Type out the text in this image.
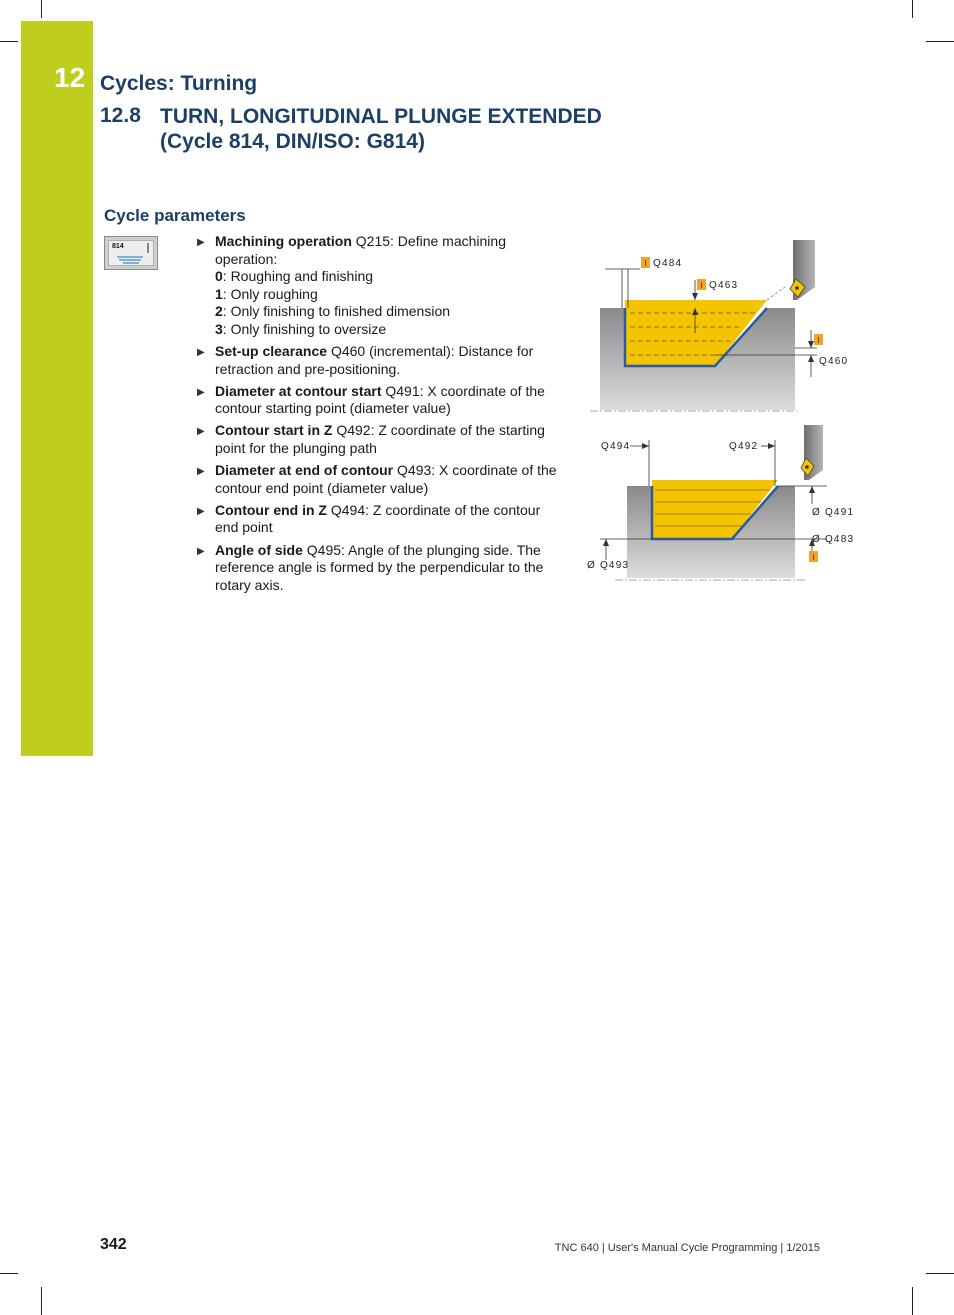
12 Cycles: Turning
12.8 TURN, LONGITUDINAL PLUNGE EXTENDED
(Cycle 814, DIN/ISO: G814)
Cycle parameters
814	▶ Machining operation Q215: Define machining operation:
0: Roughing and finishing
1: Only roughing
2: Only finishing to finished dimension
3: Only finishing to oversize
▶ Set-up clearance Q460 (incremental): Distance for retraction and pre-positioning.
▶ Diameter at contour start Q491: X coordinate of the contour starting point (diameter value)
▶ Contour start in Z Q492: Z coordinate of the starting point for the plunging path
▶ Diameter at end of contour Q493: X coordinate of the contour end point (diameter value)
▶ Contour end in Z Q494: Z coordinate of the contour end point
▶ Angle of side Q495: Angle of the plunging side. The reference angle is formed by the perpendicular to the rotary axis.
I
I
I
Q484
Q463
Q460
I
Q494	Q492
Ø Q491
Ø Q483
Ø Q493
342	TNC 640 | User's Manual Cycle Programming | 1/2015
